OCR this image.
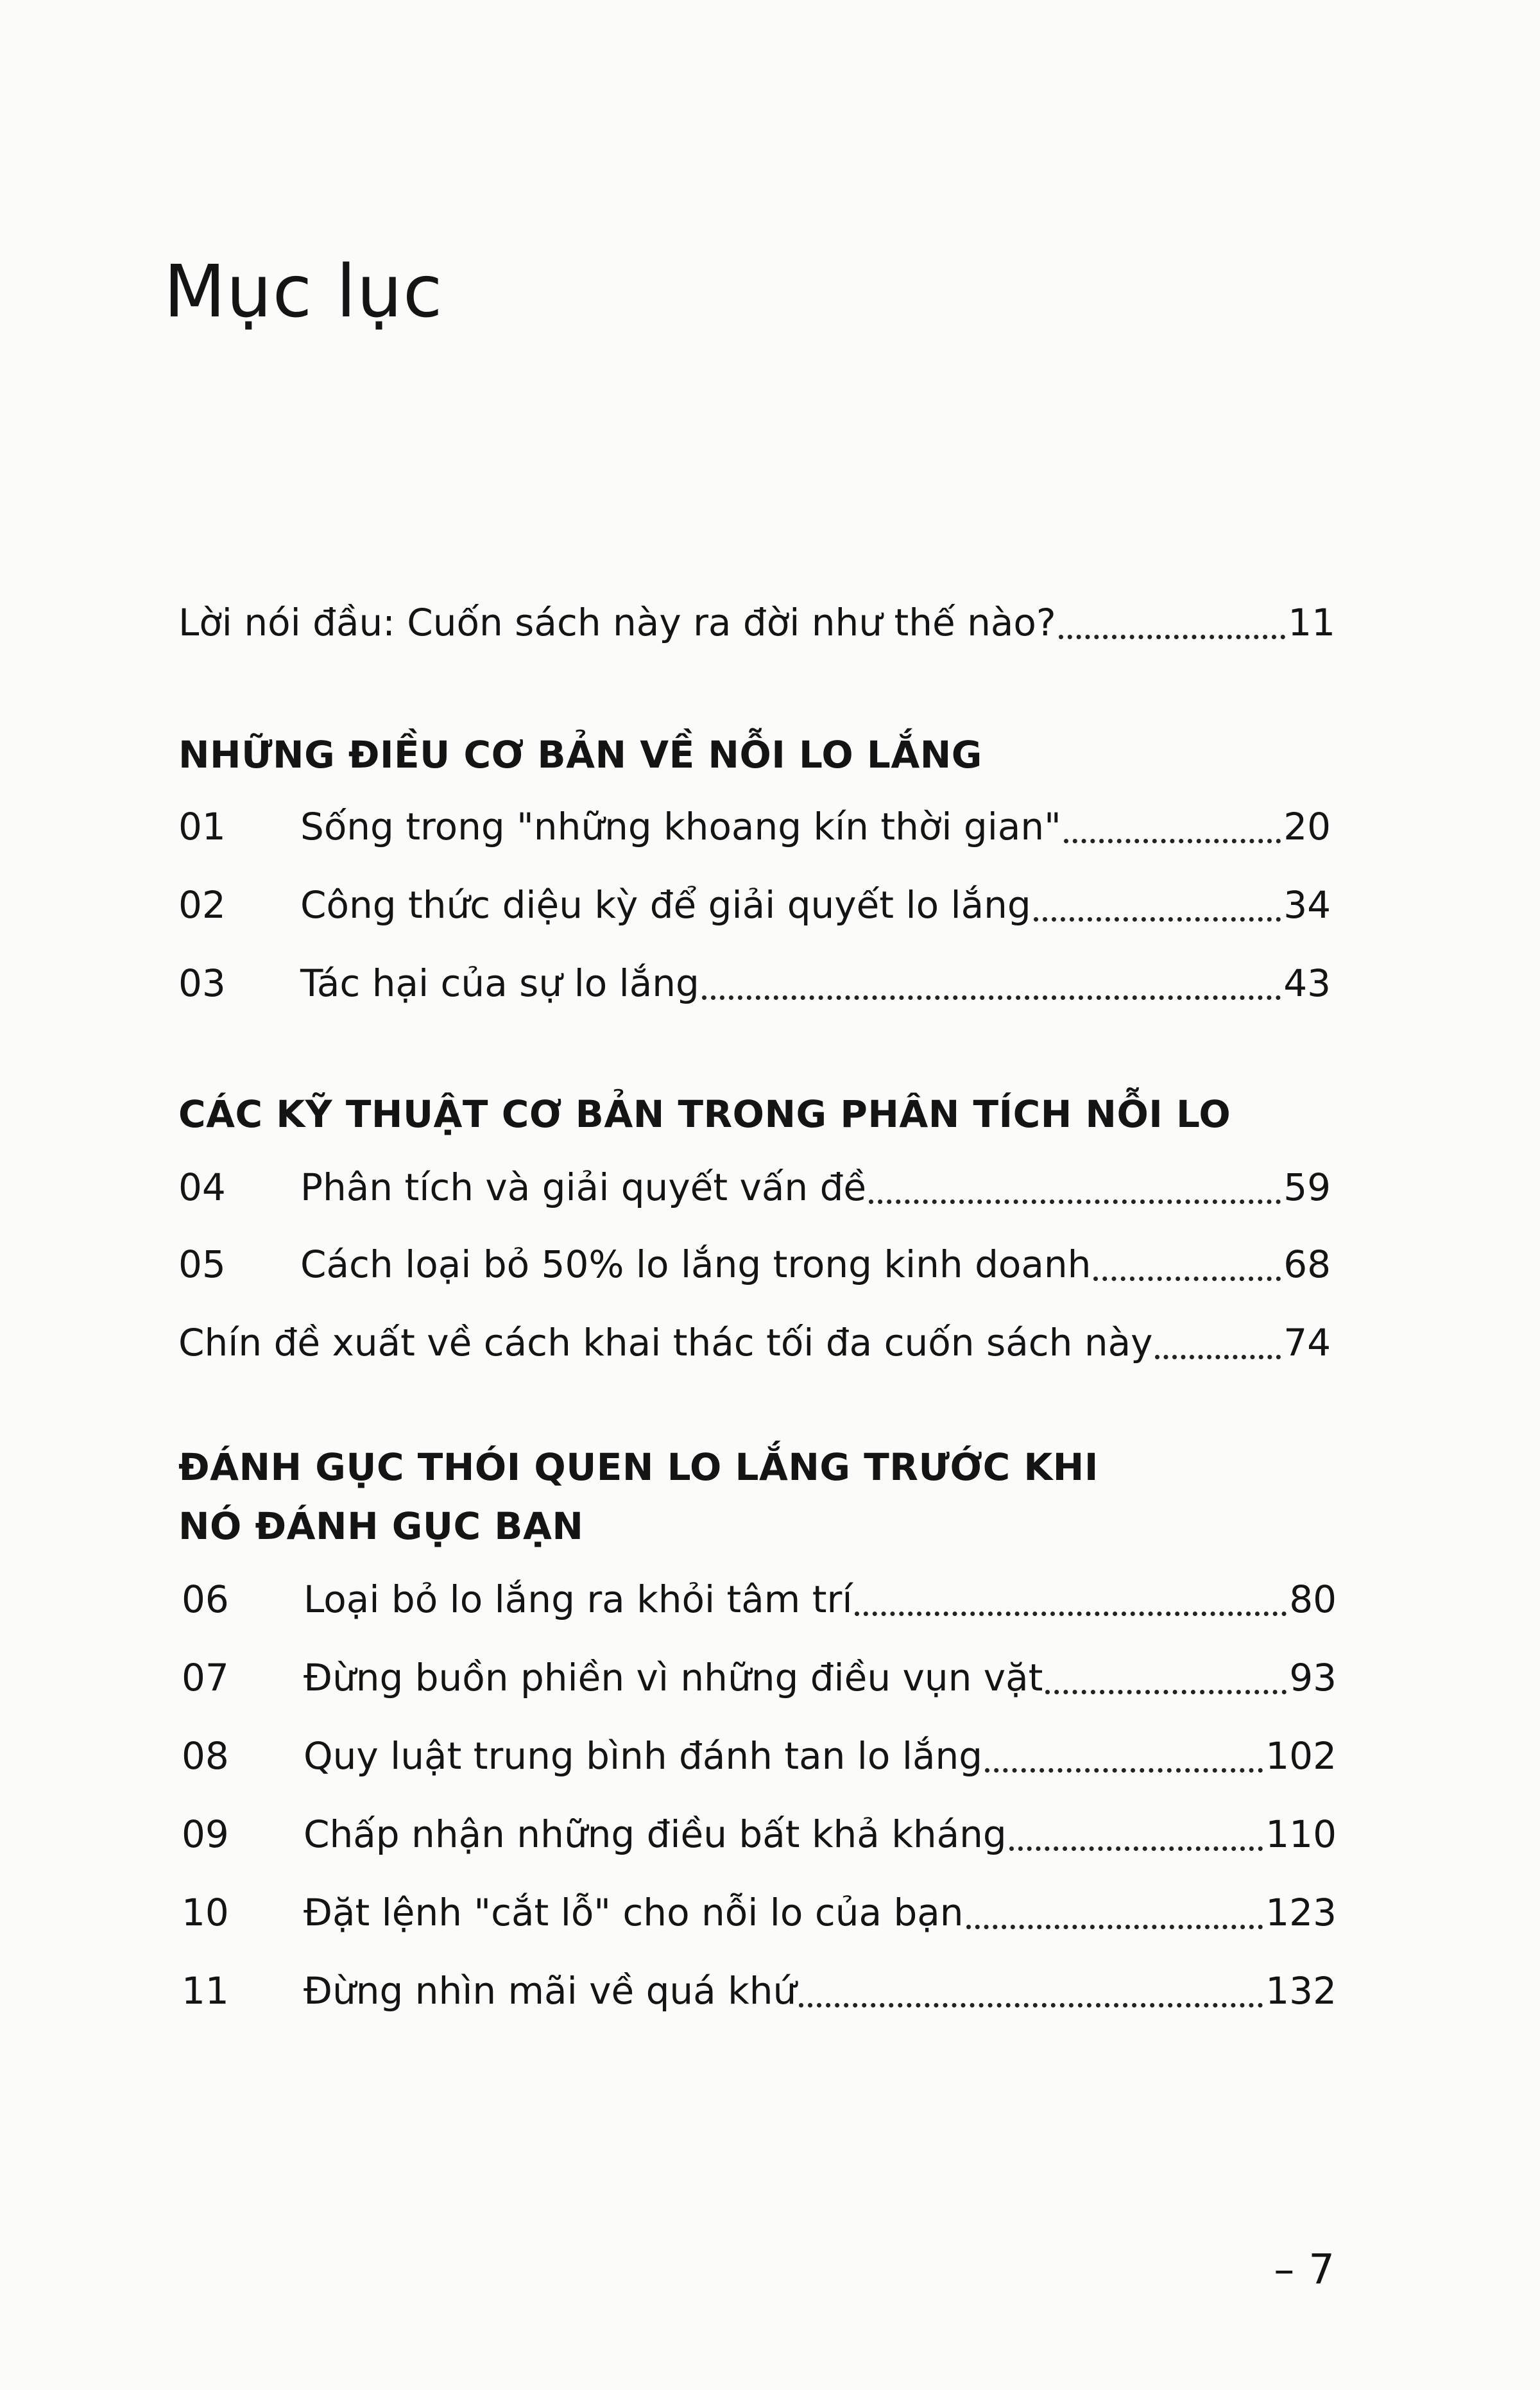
Mục lục
Lời nói đầu: Cuốn sách này ra đời như thế nào?	11
NHỮNG ĐIỀU CƠ BẢN VỀ NỖI LO LẮNG
01	Sống trong "những khoang kín thời gian"	20
02	Công thức diệu kỳ để giải quyết lo lắng	34
03	Tác hại của sự lo lắng	43
CÁC KỸ THUẬT CƠ BẢN TRONG PHÂN TÍCH NỖI LO
04	Phân tích và giải quyết vấn đề	59
05	Cách loại bỏ 50% lo lắng trong kinh doanh	68
Chín đề xuất về cách khai thác tối đa cuốn sách này	74
ĐÁNH GỤC THÓI QUEN LO LẮNG TRƯỚC KHI
NÓ ĐÁNH GỤC BẠN
06	Loại bỏ lo lắng ra khỏi tâm trí	80
07	Đừng buồn phiền vì những điều vụn vặt	93
08	Quy luật trung bình đánh tan lo lắng	102
09	Chấp nhận những điều bất khả kháng	110
10	Đặt lệnh "cắt lỗ" cho nỗi lo của bạn	123
11	Đừng nhìn mãi về quá khứ	132
– 7
